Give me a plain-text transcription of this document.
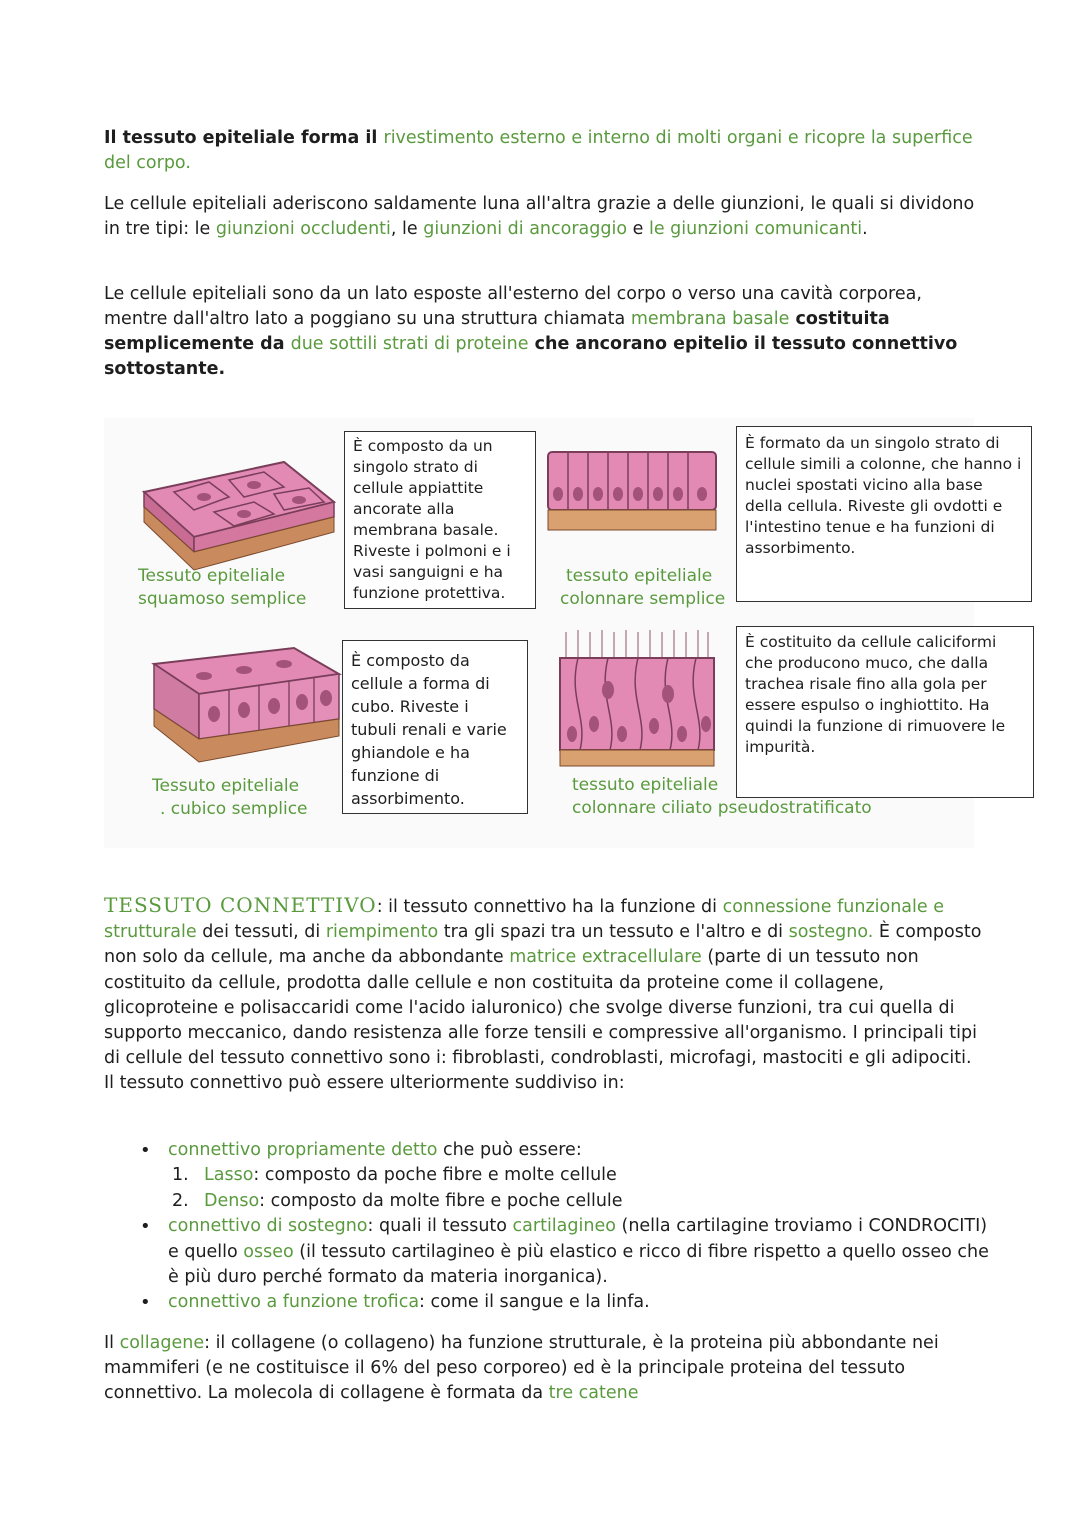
Il tessuto epiteliale forma il rivestimento esterno e interno di molti organi e ricopre la superfice del corpo.

Le cellule epiteliali aderiscono saldamente luna all'altra grazie a delle giunzioni, le quali si dividono in tre tipi: le giunzioni occludenti, le giunzioni di ancoraggio e le giunzioni comunicanti.

Le cellule epiteliali sono da un lato esposte all'esterno del corpo o verso una cavità corporea, mentre dall'altro lato a poggiano su una struttura chiamata membrana basale costituita semplicemente da due sottili strati di proteine che ancorano epitelio il tessuto connettivo sottostante.

Tessuto epiteliale
squamoso semplice
È composto da un singolo strato di cellule appiattite ancorate alla membrana basale. Riveste i polmoni e i vasi sanguigni e ha funzione protettiva.
tessuto epiteliale
colonnare semplice
È formato da un singolo strato di cellule simili a colonne, che hanno i nuclei spostati vicino alla base della cellula. Riveste gli ovdotti e l'intestino tenue e ha funzioni di assorbimento.
Tessuto epiteliale
. cubico semplice
È composto da cellule a forma di cubo. Riveste i tubuli renali e varie ghiandole e ha funzione di assorbimento.
tessuto epiteliale
colonnare ciliato pseudostratificato
È costituito da cellule caliciformi che producono muco, che dalla trachea risale fino alla gola per essere espulso o inghiottito. Ha quindi la funzione di rimuovere le impurità.

TESSUTO CONNETTIVO: il tessuto connettivo ha la funzione di connessione funzionale e strutturale dei tessuti, di riempimento tra gli spazi tra un tessuto e l'altro e di sostegno. È composto non solo da cellule, ma anche da abbondante matrice extracellulare (parte di un tessuto non costituito da cellule, prodotta dalle cellule e non costituita da proteine come il collagene, glicoproteine e polisaccaridi come l'acido ialuronico) che svolge diverse funzioni, tra cui quella di supporto meccanico, dando resistenza alle forze tensili e compressive all'organismo. I principali tipi di cellule del tessuto connettivo sono i: fibroblasti, condroblasti, microfagi, mastociti e gli adipociti. Il tessuto connettivo può essere ulteriormente suddiviso in:

• connettivo propriamente detto che può essere:
1. Lasso: composto da poche fibre e molte cellule
2. Denso: composto da molte fibre e poche cellule
• connettivo di sostegno: quali il tessuto cartilagineo (nella cartilagine troviamo i CONDROCITI) e quello osseo (il tessuto cartilagineo è più elastico e ricco di fibre rispetto a quello osseo che è più duro perché formato da materia inorganica).
• connettivo a funzione trofica: come il sangue e la linfa.

Il collagene: il collagene (o collageno) ha funzione strutturale, è la proteina più abbondante nei mammiferi (e ne costituisce il 6% del peso corporeo) ed è la principale proteina del tessuto connettivo. La molecola di collagene è formata da tre catene
